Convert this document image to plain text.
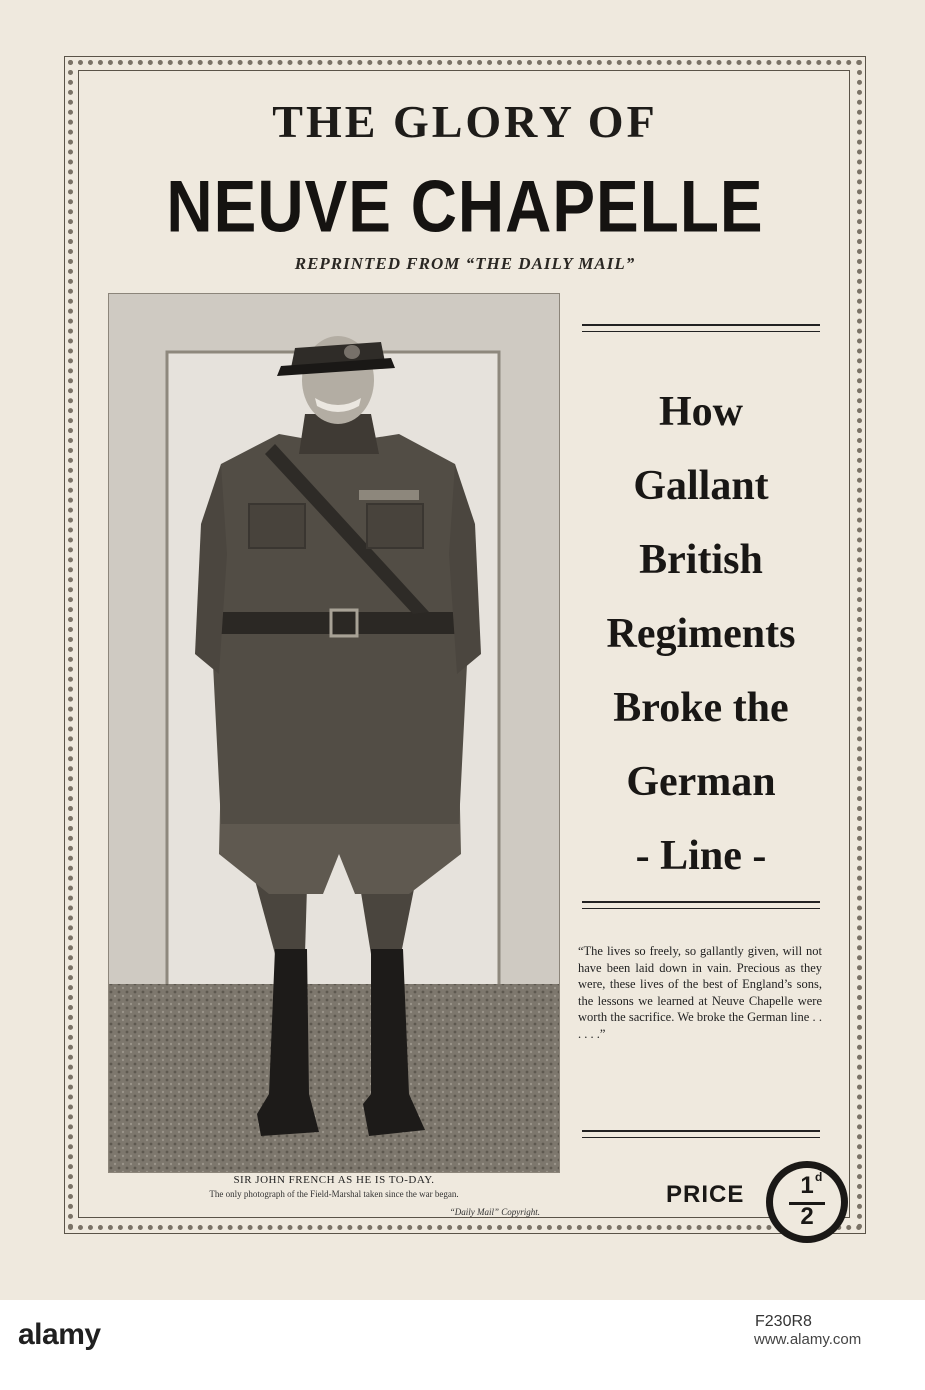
THE GLORY OF
NEUVE CHAPELLE
REPRINTED FROM “THE DAILY MAIL”
SIR JOHN FRENCH AS HE IS TO-DAY.
The only photograph of the Field-Marshal taken since the war began.
“Daily Mail” Copyright.
How
Gallant
British
Regiments
Broke the
German
- Line -
“The lives so freely, so gallantly given, will not have been laid down in vain. Precious as they were, these lives of the best of England’s sons, the lessons we learned at Neuve Chapelle were worth the sacrifice. We broke the German line . . . . . .”
PRICE	1 d
2
alamy	F230R8
www.alamy.com
